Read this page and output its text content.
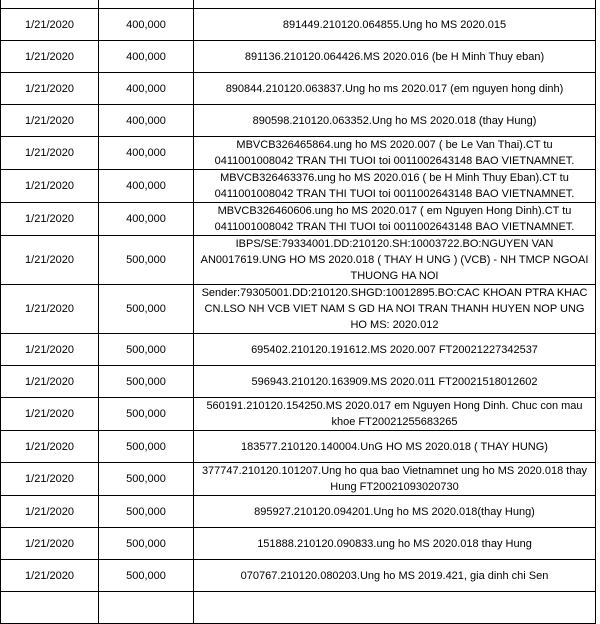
1/21/2020	400,000	891449.210120.064855.Ung ho MS 2020.015
1/21/2020	400,000	891136.210120.064426.MS 2020.016 (be H Minh Thuy eban)
1/21/2020	400,000	890844.210120.063837.Ung ho ms 2020.017 (em nguyen hong dinh)
1/21/2020	400,000	890598.210120.063352.Ung ho MS 2020.018 (thay Hung)
1/21/2020	400,000	MBVCB326465864.ung ho MS 2020.007 ( be Le Van Thai).CT tu 0411001008042 TRAN THI TUOI toi 0011002643148 BAO VIETNAMNET.
1/21/2020	400,000	MBVCB326463376.ung ho MS 2020.016 ( be H Minh Thuy Eban).CT tu 0411001008042 TRAN THI TUOI toi 0011002643148 BAO VIETNAMNET.
1/21/2020	400,000	MBVCB326460606.ung ho MS 2020.017 ( em Nguyen Hong Dinh).CT tu 0411001008042 TRAN THI TUOI toi 0011002643148 BAO VIETNAMNET.
1/21/2020	500,000	IBPS/SE:79334001.DD:210120.SH:10003722.BO:NGUYEN VAN AN0017619.UNG HO MS 2020.018 ( THAY H UNG ) (VCB) - NH TMCP NGOAI THUONG HA NOI
1/21/2020	500,000	Sender:79305001.DD:210120.SHGD:10012895.BO:CAC KHOAN PTRA KHAC CN.LSO NH VCB VIET NAM S GD HA NOI TRAN THANH HUYEN NOP UNG HO MS: 2020.012
1/21/2020	500,000	695402.210120.191612.MS 2020.007 FT20021227342537
1/21/2020	500,000	596943.210120.163909.MS 2020.011 FT20021518012602
1/21/2020	500,000	560191.210120.154250.MS 2020.017 em Nguyen Hong Dinh. Chuc con mau khoe FT20021255683265
1/21/2020	500,000	183577.210120.140004.UnG HO MS 2020.018 ( THAY HUNG)
1/21/2020	500,000	377747.210120.101207.Ung ho qua bao Vietnamnet ung ho MS 2020.018 thay Hung FT20021093020730
1/21/2020	500,000	895927.210120.094201.Ung ho MS 2020.018(thay Hung)
1/21/2020	500,000	151888.210120.090833.ung ho MS 2020.018 thay Hung
1/21/2020	500,000	070767.210120.080203.Ung ho MS 2019.421, gia dinh chi Sen
